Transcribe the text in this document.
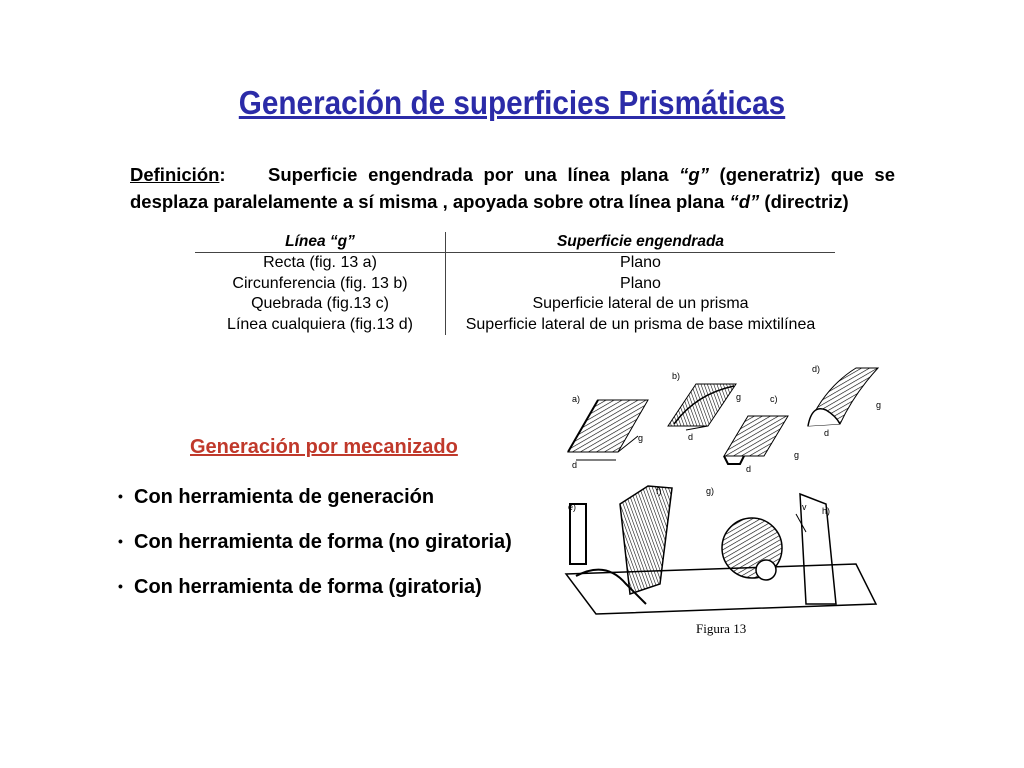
Generación de superficies Prismáticas
Definición:    Superficie engendrada por una línea plana “g” (generatriz) que se desplaza paralelamente a sí misma , apoyada sobre otra línea plana “d” (directriz)
Línea “g”	Superficie engendrada
Recta (fig. 13 a)	Plano
Circunferencia (fig. 13 b)	Plano
Quebrada (fig.13 c)	Superficie lateral de un prisma
Línea cualquiera (fig.13 d)	Superficie lateral de un prisma de base mixtilínea
Generación por mecanizado
• Con herramienta de generación
• Con herramienta de forma (no giratoria)
• Con herramienta de forma (giratoria)
a)
g
d
b)
g
d
c)
g
d
d)
g
d
e)
f)	g)
v h)
Figura 13
